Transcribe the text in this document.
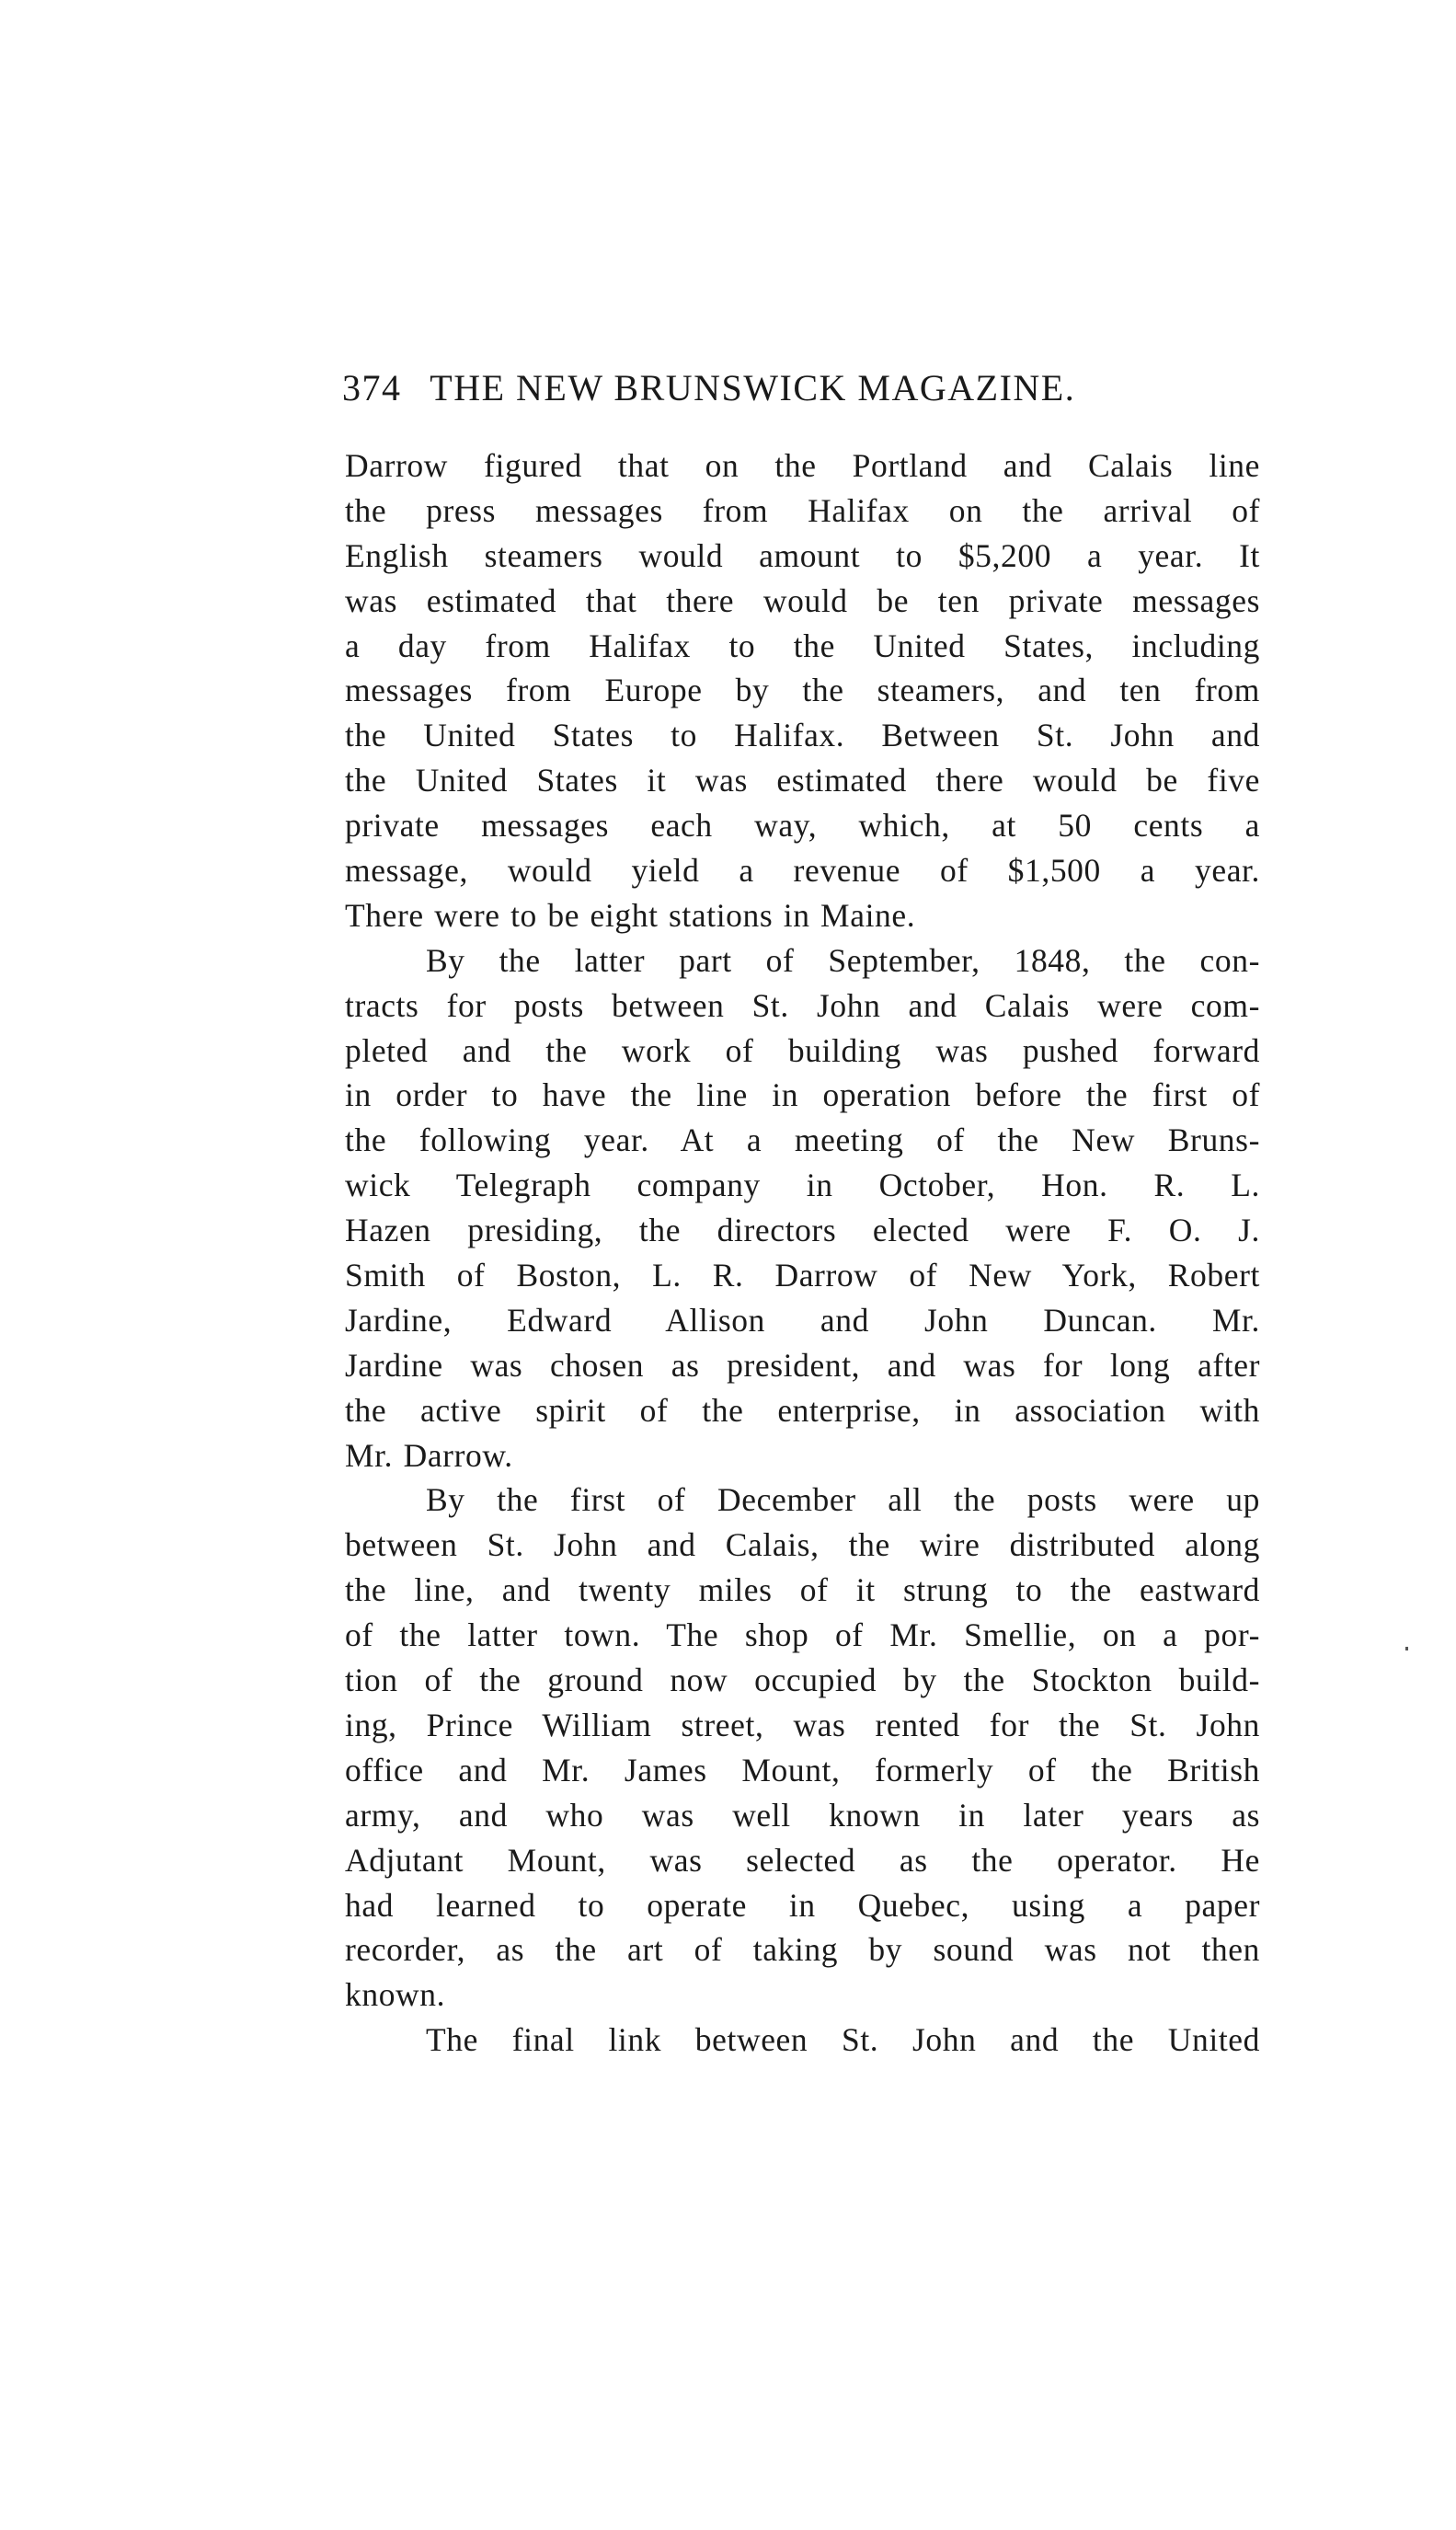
374 THE NEW BRUNSWICK MAGAZINE.
Darrow figured that on the Portland and Calais line
the press messages from Halifax on the arrival of
English steamers would amount to $5,200 a year. It
was estimated that there would be ten private messages
a day from Halifax to the United States, including
messages from Europe by the steamers, and ten from
the United States to Halifax. Between St. John and
the United States it was estimated there would be five
private messages each way, which, at 50 cents a
message, would yield a revenue of $1,500 a year.
There were to be eight stations in Maine.
By the latter part of September, 1848, the con-
tracts for posts between St. John and Calais were com-
pleted and the work of building was pushed forward
in order to have the line in operation before the first of
the following year. At a meeting of the New Bruns-
wick Telegraph company in October, Hon. R. L.
Hazen presiding, the directors elected were F. O. J.
Smith of Boston, L. R. Darrow of New York, Robert
Jardine, Edward Allison and John Duncan. Mr.
Jardine was chosen as president, and was for long after
the active spirit of the enterprise, in association with
Mr. Darrow.
By the first of December all the posts were up
between St. John and Calais, the wire distributed along
the line, and twenty miles of it strung to the eastward
of the latter town. The shop of Mr. Smellie, on a por-
tion of the ground now occupied by the Stockton build-
ing, Prince William street, was rented for the St. John
office and Mr. James Mount, formerly of the British
army, and who was well known in later years as
Adjutant Mount, was selected as the operator. He
had learned to operate in Quebec, using a paper
recorder, as the art of taking by sound was not then
known.
The final link between St. John and the United
